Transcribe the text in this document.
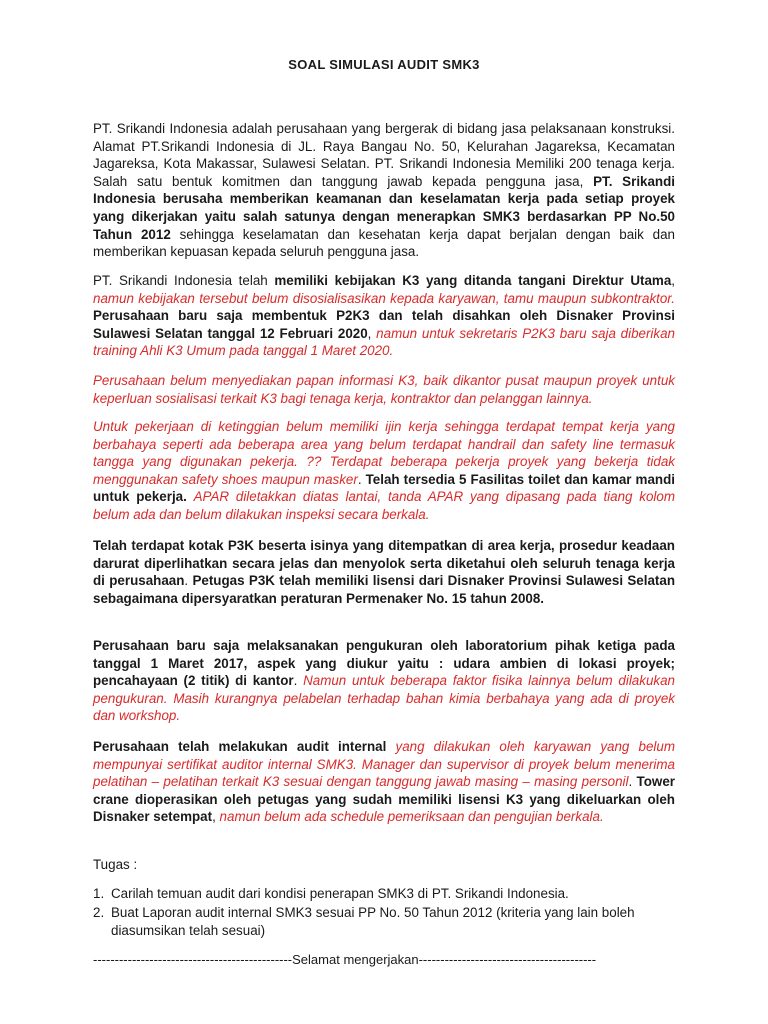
SOAL SIMULASI AUDIT SMK3
PT. Srikandi Indonesia adalah perusahaan yang bergerak di bidang jasa pelaksanaan konstruksi. Alamat PT.Srikandi Indonesia di JL. Raya Bangau No. 50, Kelurahan Jagareksa, Kecamatan Jagareksa, Kota Makassar, Sulawesi Selatan. PT. Srikandi Indonesia Memiliki 200 tenaga kerja. Salah satu bentuk komitmen dan tanggung jawab kepada pengguna jasa, PT. Srikandi Indonesia berusaha memberikan keamanan dan keselamatan kerja pada setiap proyek yang dikerjakan yaitu salah satunya dengan menerapkan SMK3 berdasarkan PP No.50 Tahun 2012 sehingga keselamatan dan kesehatan kerja dapat berjalan dengan baik dan memberikan kepuasan kepada seluruh pengguna jasa.
PT. Srikandi Indonesia telah memiliki kebijakan K3 yang ditanda tangani Direktur Utama, namun kebijakan tersebut belum disosialisasikan kepada karyawan, tamu maupun subkontraktor. Perusahaan baru saja membentuk P2K3 dan telah disahkan oleh Disnaker Provinsi Sulawesi Selatan tanggal 12 Februari 2020, namun untuk sekretaris P2K3 baru saja diberikan training Ahli K3 Umum pada tanggal 1 Maret 2020.
Perusahaan belum menyediakan papan informasi K3, baik dikantor pusat maupun proyek untuk keperluan sosialisasi terkait K3 bagi tenaga kerja, kontraktor dan pelanggan lainnya.
Untuk pekerjaan di ketinggian belum memiliki ijin kerja sehingga terdapat tempat kerja yang berbahaya seperti ada beberapa area yang belum terdapat handrail dan safety line termasuk tangga yang digunakan pekerja. ?? Terdapat beberapa pekerja proyek yang bekerja tidak menggunakan safety shoes maupun masker. Telah tersedia 5 Fasilitas toilet dan kamar mandi untuk pekerja. APAR diletakkan diatas lantai, tanda APAR yang dipasang pada tiang kolom belum ada dan belum dilakukan inspeksi secara berkala.
Telah terdapat kotak P3K beserta isinya yang ditempatkan di area kerja, prosedur keadaan darurat diperlihatkan secara jelas dan menyolok serta diketahui oleh seluruh tenaga kerja di perusahaan. Petugas P3K telah memiliki lisensi dari Disnaker Provinsi Sulawesi Selatan sebagaimana dipersyaratkan peraturan Permenaker No. 15 tahun 2008.
Perusahaan baru saja melaksanakan pengukuran oleh laboratorium pihak ketiga pada tanggal 1 Maret 2017, aspek yang diukur yaitu : udara ambien di lokasi proyek; pencahayaan (2 titik) di kantor. Namun untuk beberapa faktor fisika lainnya belum dilakukan pengukuran. Masih kurangnya pelabelan terhadap bahan kimia berbahaya yang ada di proyek dan workshop.
Perusahaan telah melakukan audit internal yang dilakukan oleh karyawan yang belum mempunyai sertifikat auditor internal SMK3. Manager dan supervisor di proyek belum menerima pelatihan – pelatihan terkait K3 sesuai dengan tanggung jawab masing – masing personil. Tower crane dioperasikan oleh petugas yang sudah memiliki lisensi K3 yang dikeluarkan oleh Disnaker setempat, namun belum ada schedule pemeriksaan dan pengujian berkala.
Tugas :
1. Carilah temuan audit dari kondisi penerapan SMK3 di PT. Srikandi Indonesia.
2. Buat Laporan audit internal SMK3 sesuai PP No. 50 Tahun 2012 (kriteria yang lain boleh diasumsikan telah sesuai)
----------------------------------------------Selamat mengerjakan-----------------------------------------
